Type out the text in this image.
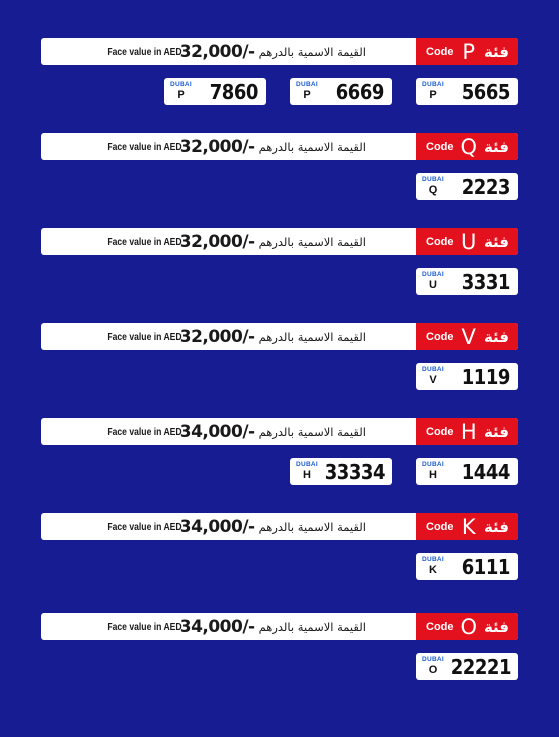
Face value in AED
32,000/- القيمة الاسمية بالدرهم	Code P فئة
DUBAI
P	5665
DUBAI
P	6669
DUBAI
P	7860
Face value in AED
32,000/- القيمة الاسمية بالدرهم	Code Q فئة
DUBAI
Q	2223
Face value in AED
32,000/- القيمة الاسمية بالدرهم	Code U فئة
DUBAI
U	3331
Face value in AED
32,000/- القيمة الاسمية بالدرهم	Code V فئة
DUBAI
V	1119
Face value in AED
34,000/- القيمة الاسمية بالدرهم	Code H فئة
DUBAI
H	1444
DUBAI
H 33334
Face value in AED
34,000/- القيمة الاسمية بالدرهم	Code K فئة
DUBAI
K	6111
Face value in AED
34,000/- القيمة الاسمية بالدرهم	Code O فئة
DUBAI
O 22221
